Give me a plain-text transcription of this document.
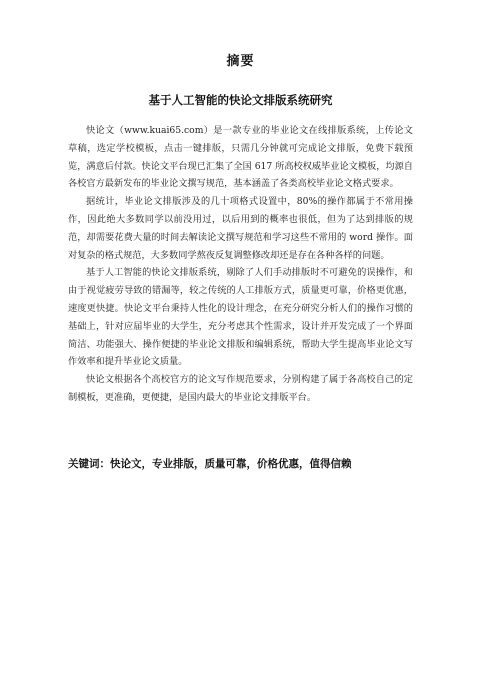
摘要
基于人工智能的快论文排版系统研究

快论文（www.kuai65.com）是一款专业的毕业论文在线排版系统，上传论文草稿，选定学校模板，点击一键排版，只需几分钟就可完成论文排版，免费下载预览，满意后付款。快论文平台现已汇集了全国 617 所高校权威毕业论文模板，均源自各校官方最新发布的毕业论文撰写规范，基本涵盖了各类高校毕业论文格式要求。

据统计，毕业论文排版涉及的几十项格式设置中，80%的操作都属于不常用操作，因此绝大多数同学以前没用过，以后用到的概率也很低，但为了达到排版的规范，却需要花费大量的时间去解读论文撰写规范和学习这些不常用的 word 操作。面对复杂的格式规范，大多数同学熬夜反复调整修改却还是存在各种各样的问题。

基于人工智能的快论文排版系统，剔除了人们手动排版时不可避免的误操作，和由于视觉疲劳导致的错漏等，较之传统的人工排版方式，质量更可靠，价格更优惠，速度更快捷。快论文平台秉持人性化的设计理念，在充分研究分析人们的操作习惯的基础上，针对应届毕业的大学生，充分考虑其个性需求，设计并开发完成了一个界面简洁、功能强大、操作便捷的毕业论文排版和编辑系统，帮助大学生提高毕业论文写作效率和提升毕业论文质量。

快论文根据各个高校官方的论文写作规范要求，分别构建了属于各高校自己的定制模板，更准确，更便捷，是国内最大的毕业论文排版平台。

关键词：快论文，专业排版，质量可靠，价格优惠，值得信赖
